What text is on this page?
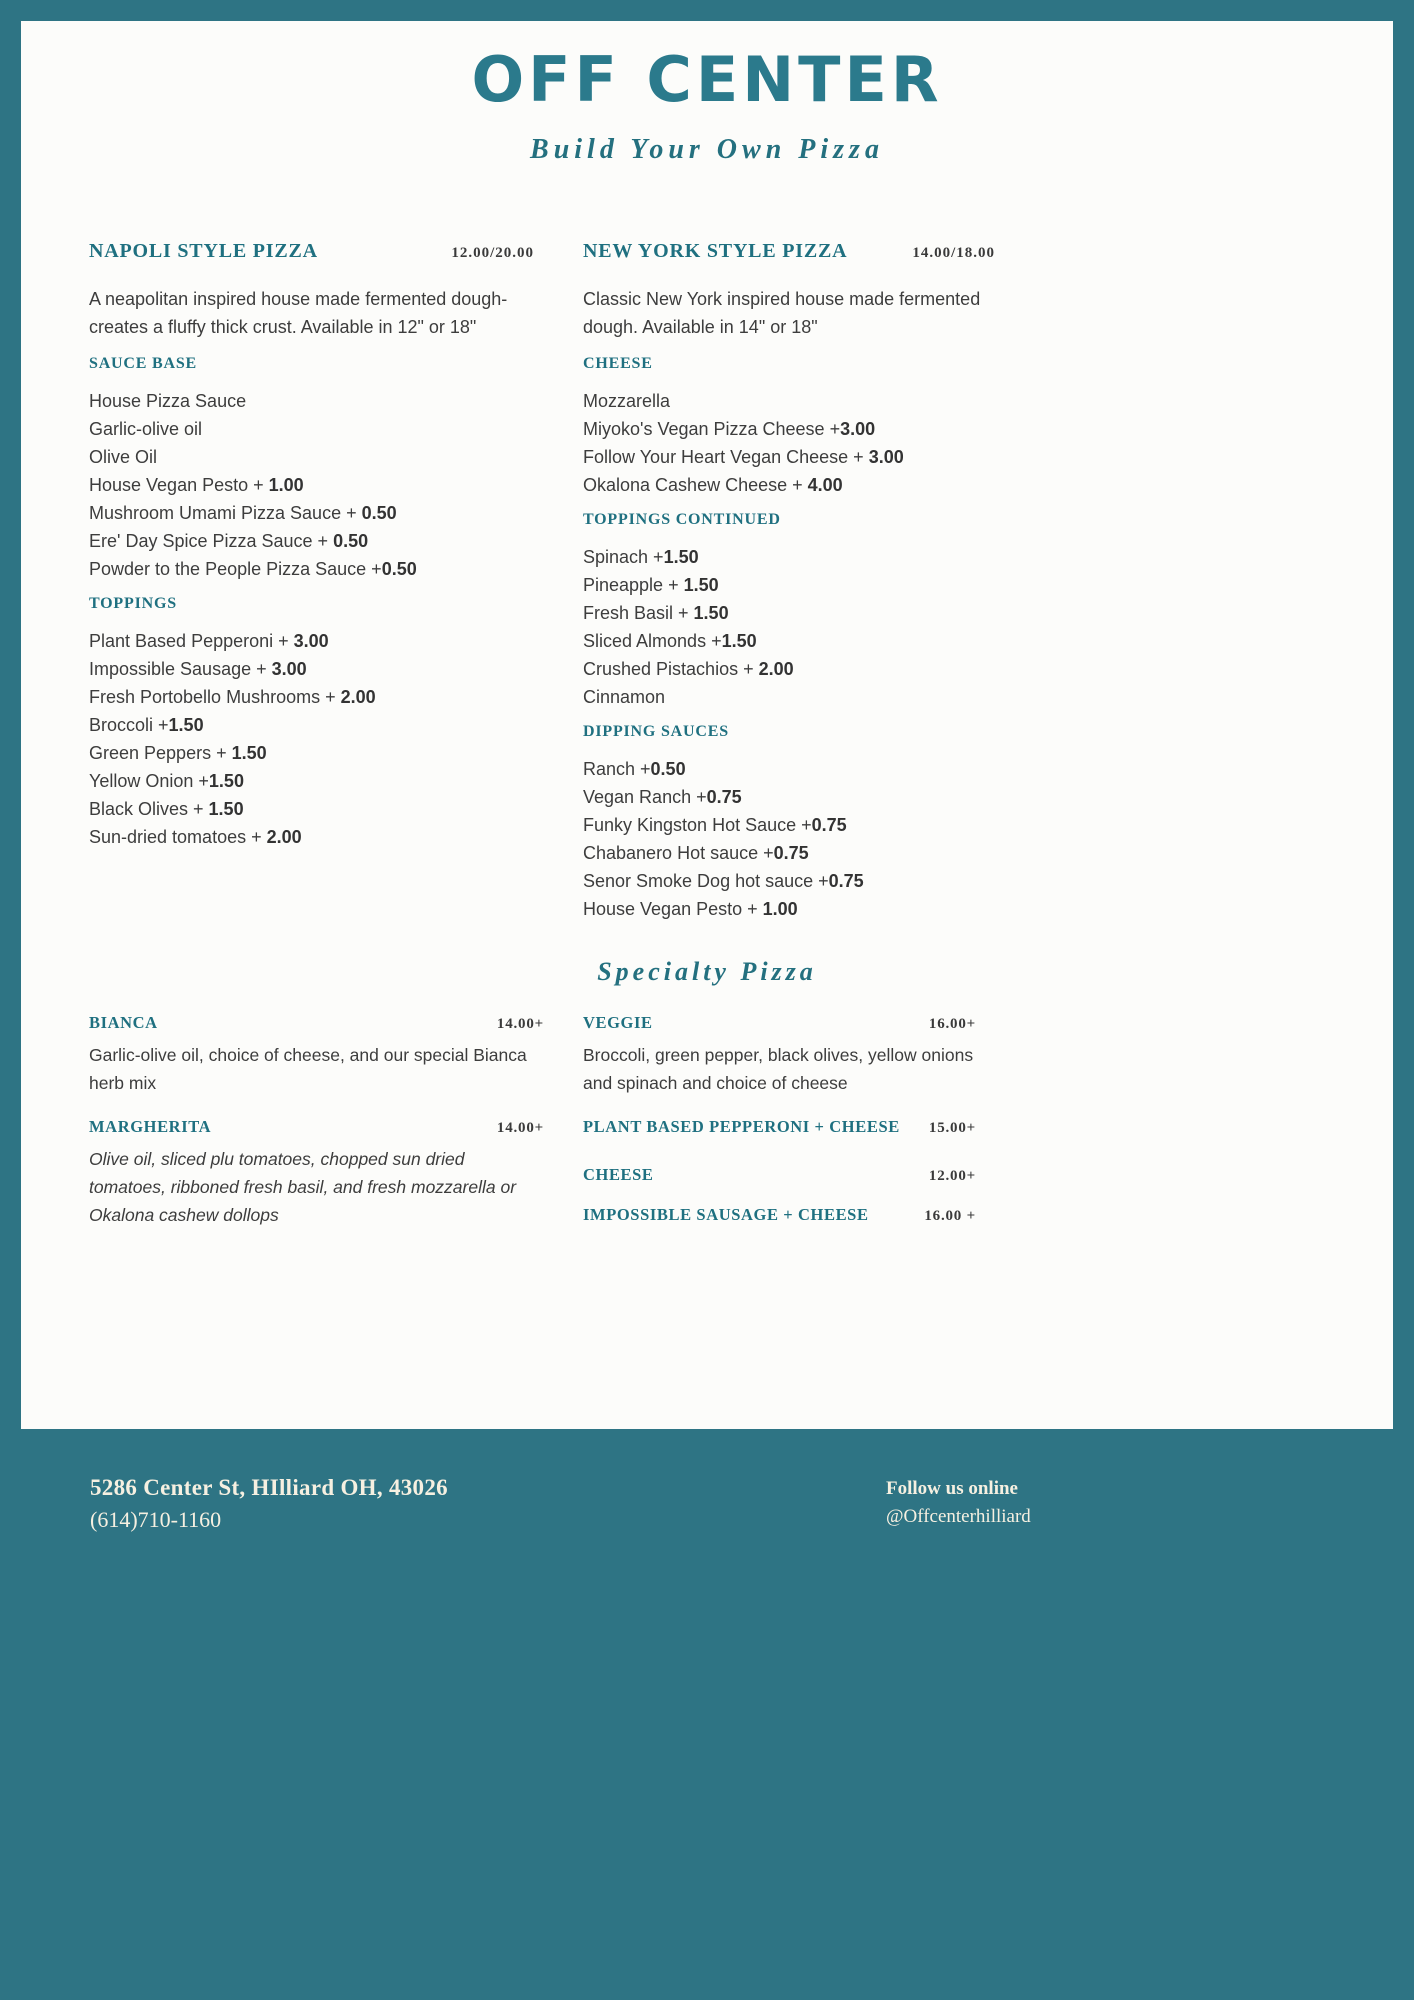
OFF CENTER
Build Your Own Pizza
NAPOLI STYLE PIZZA	12.00/20.00

A neapolitan inspired house made fermented dough- creates a fluffy thick crust. Available in 12" or 18"

SAUCE BASE
House Pizza Sauce
Garlic-olive oil
Olive Oil
House Vegan Pesto + 1.00
Mushroom Umami Pizza Sauce + 0.50
Ere' Day Spice Pizza Sauce + 0.50
Powder to the People Pizza Sauce +0.50
TOPPINGS
Plant Based Pepperoni + 3.00
Impossible Sausage + 3.00
Fresh Portobello Mushrooms + 2.00
Broccoli +1.50
Green Peppers + 1.50
Yellow Onion +1.50
Black Olives + 1.50
Sun-dried tomatoes + 2.00
NEW YORK STYLE PIZZA	14.00/18.00

Classic New York inspired house made fermented dough. Available in 14" or 18"

CHEESE
Mozzarella
Miyoko's Vegan Pizza Cheese +3.00
Follow Your Heart Vegan Cheese + 3.00
Okalona Cashew Cheese + 4.00
TOPPINGS CONTINUED
Spinach +1.50
Pineapple + 1.50
Fresh Basil + 1.50
Sliced Almonds +1.50
Crushed Pistachios + 2.00
Cinnamon
DIPPING SAUCES
Ranch +0.50
Vegan Ranch +0.75
Funky Kingston Hot Sauce +0.75
Chabanero Hot sauce +0.75
Senor Smoke Dog hot sauce +0.75
House Vegan Pesto + 1.00
Specialty Pizza
BIANCA	14.00+

Garlic-olive oil, choice of cheese, and our special Bianca herb mix

MARGHERITA	14.00+

Olive oil, sliced plu tomatoes, chopped sun dried tomatoes, ribboned fresh basil, and fresh mozzarella or Okalona cashew dollops

VEGGIE	16.00+

Broccoli, green pepper, black olives, yellow onions and spinach and choice of cheese

PLANT BASED PEPPERONI + CHEESE 15.00+
CHEESE	12.00+
IMPOSSIBLE SAUSAGE + CHEESE	16.00 +
5286 Center St, HIlliard OH, 43026
(614)710-1160
Follow us online
@Offcenterhilliard
